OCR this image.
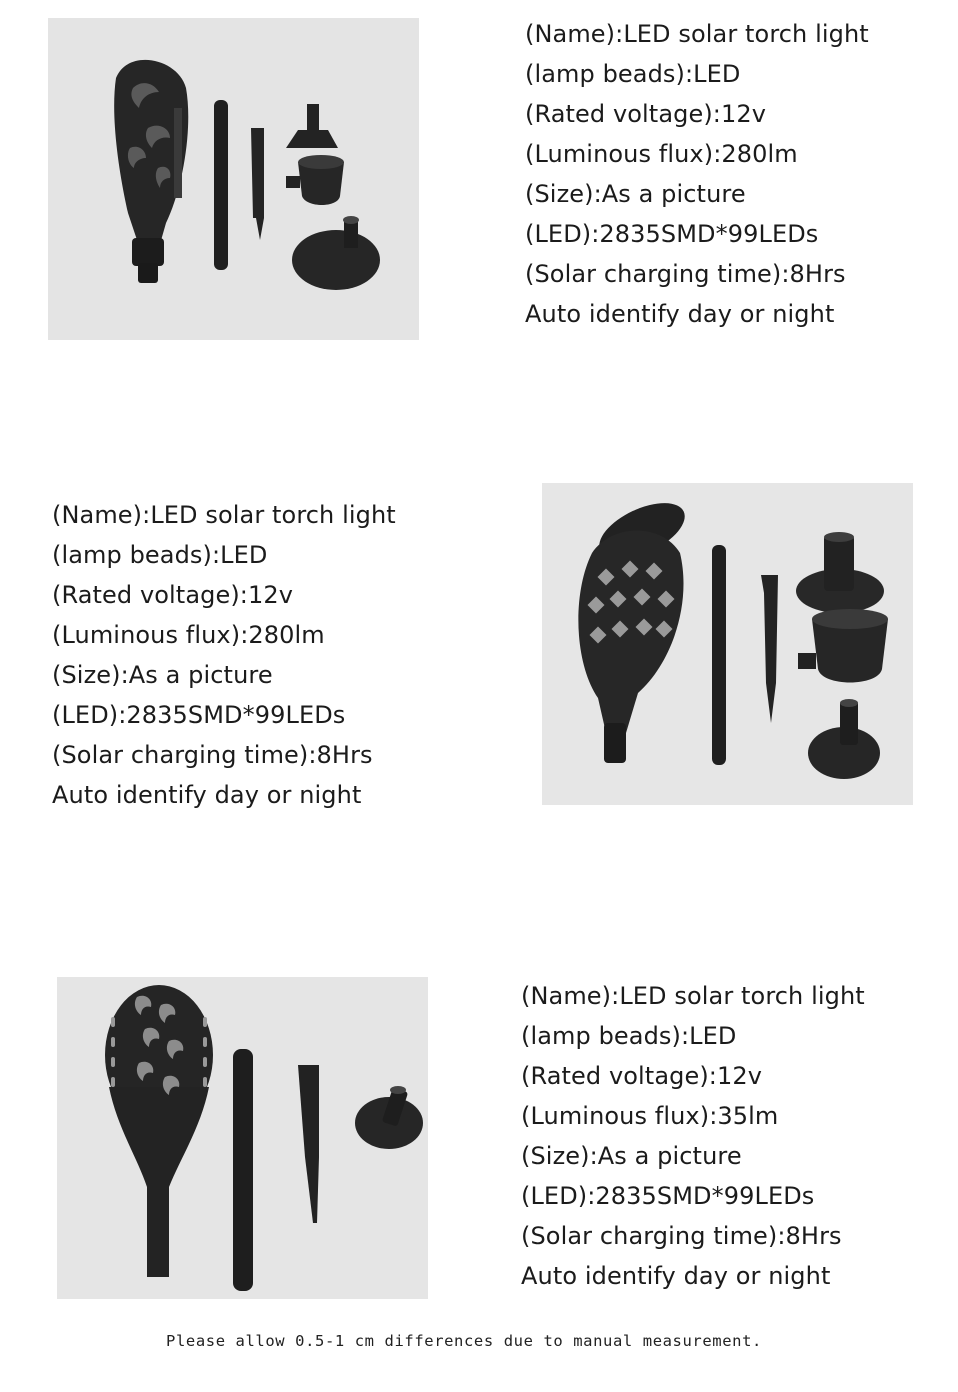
(Name):LED solar torch light
(lamp beads):LED
(Rated voltage):12v
(Luminous flux):280lm
(Size):As a picture
(LED):2835SMD*99LEDs
(Solar charging time):8Hrs
Auto identify day or night
(Name):LED solar torch light
(lamp beads):LED
(Rated voltage):12v
(Luminous flux):280lm
(Size):As a picture
(LED):2835SMD*99LEDs
(Solar charging time):8Hrs
Auto identify day or night
(Name):LED solar torch light
(lamp beads):LED
(Rated voltage):12v
(Luminous flux):35lm
(Size):As a picture
(LED):2835SMD*99LEDs
(Solar charging time):8Hrs
Auto identify day or night
Please allow 0.5-1 cm differences due to manual measurement.
